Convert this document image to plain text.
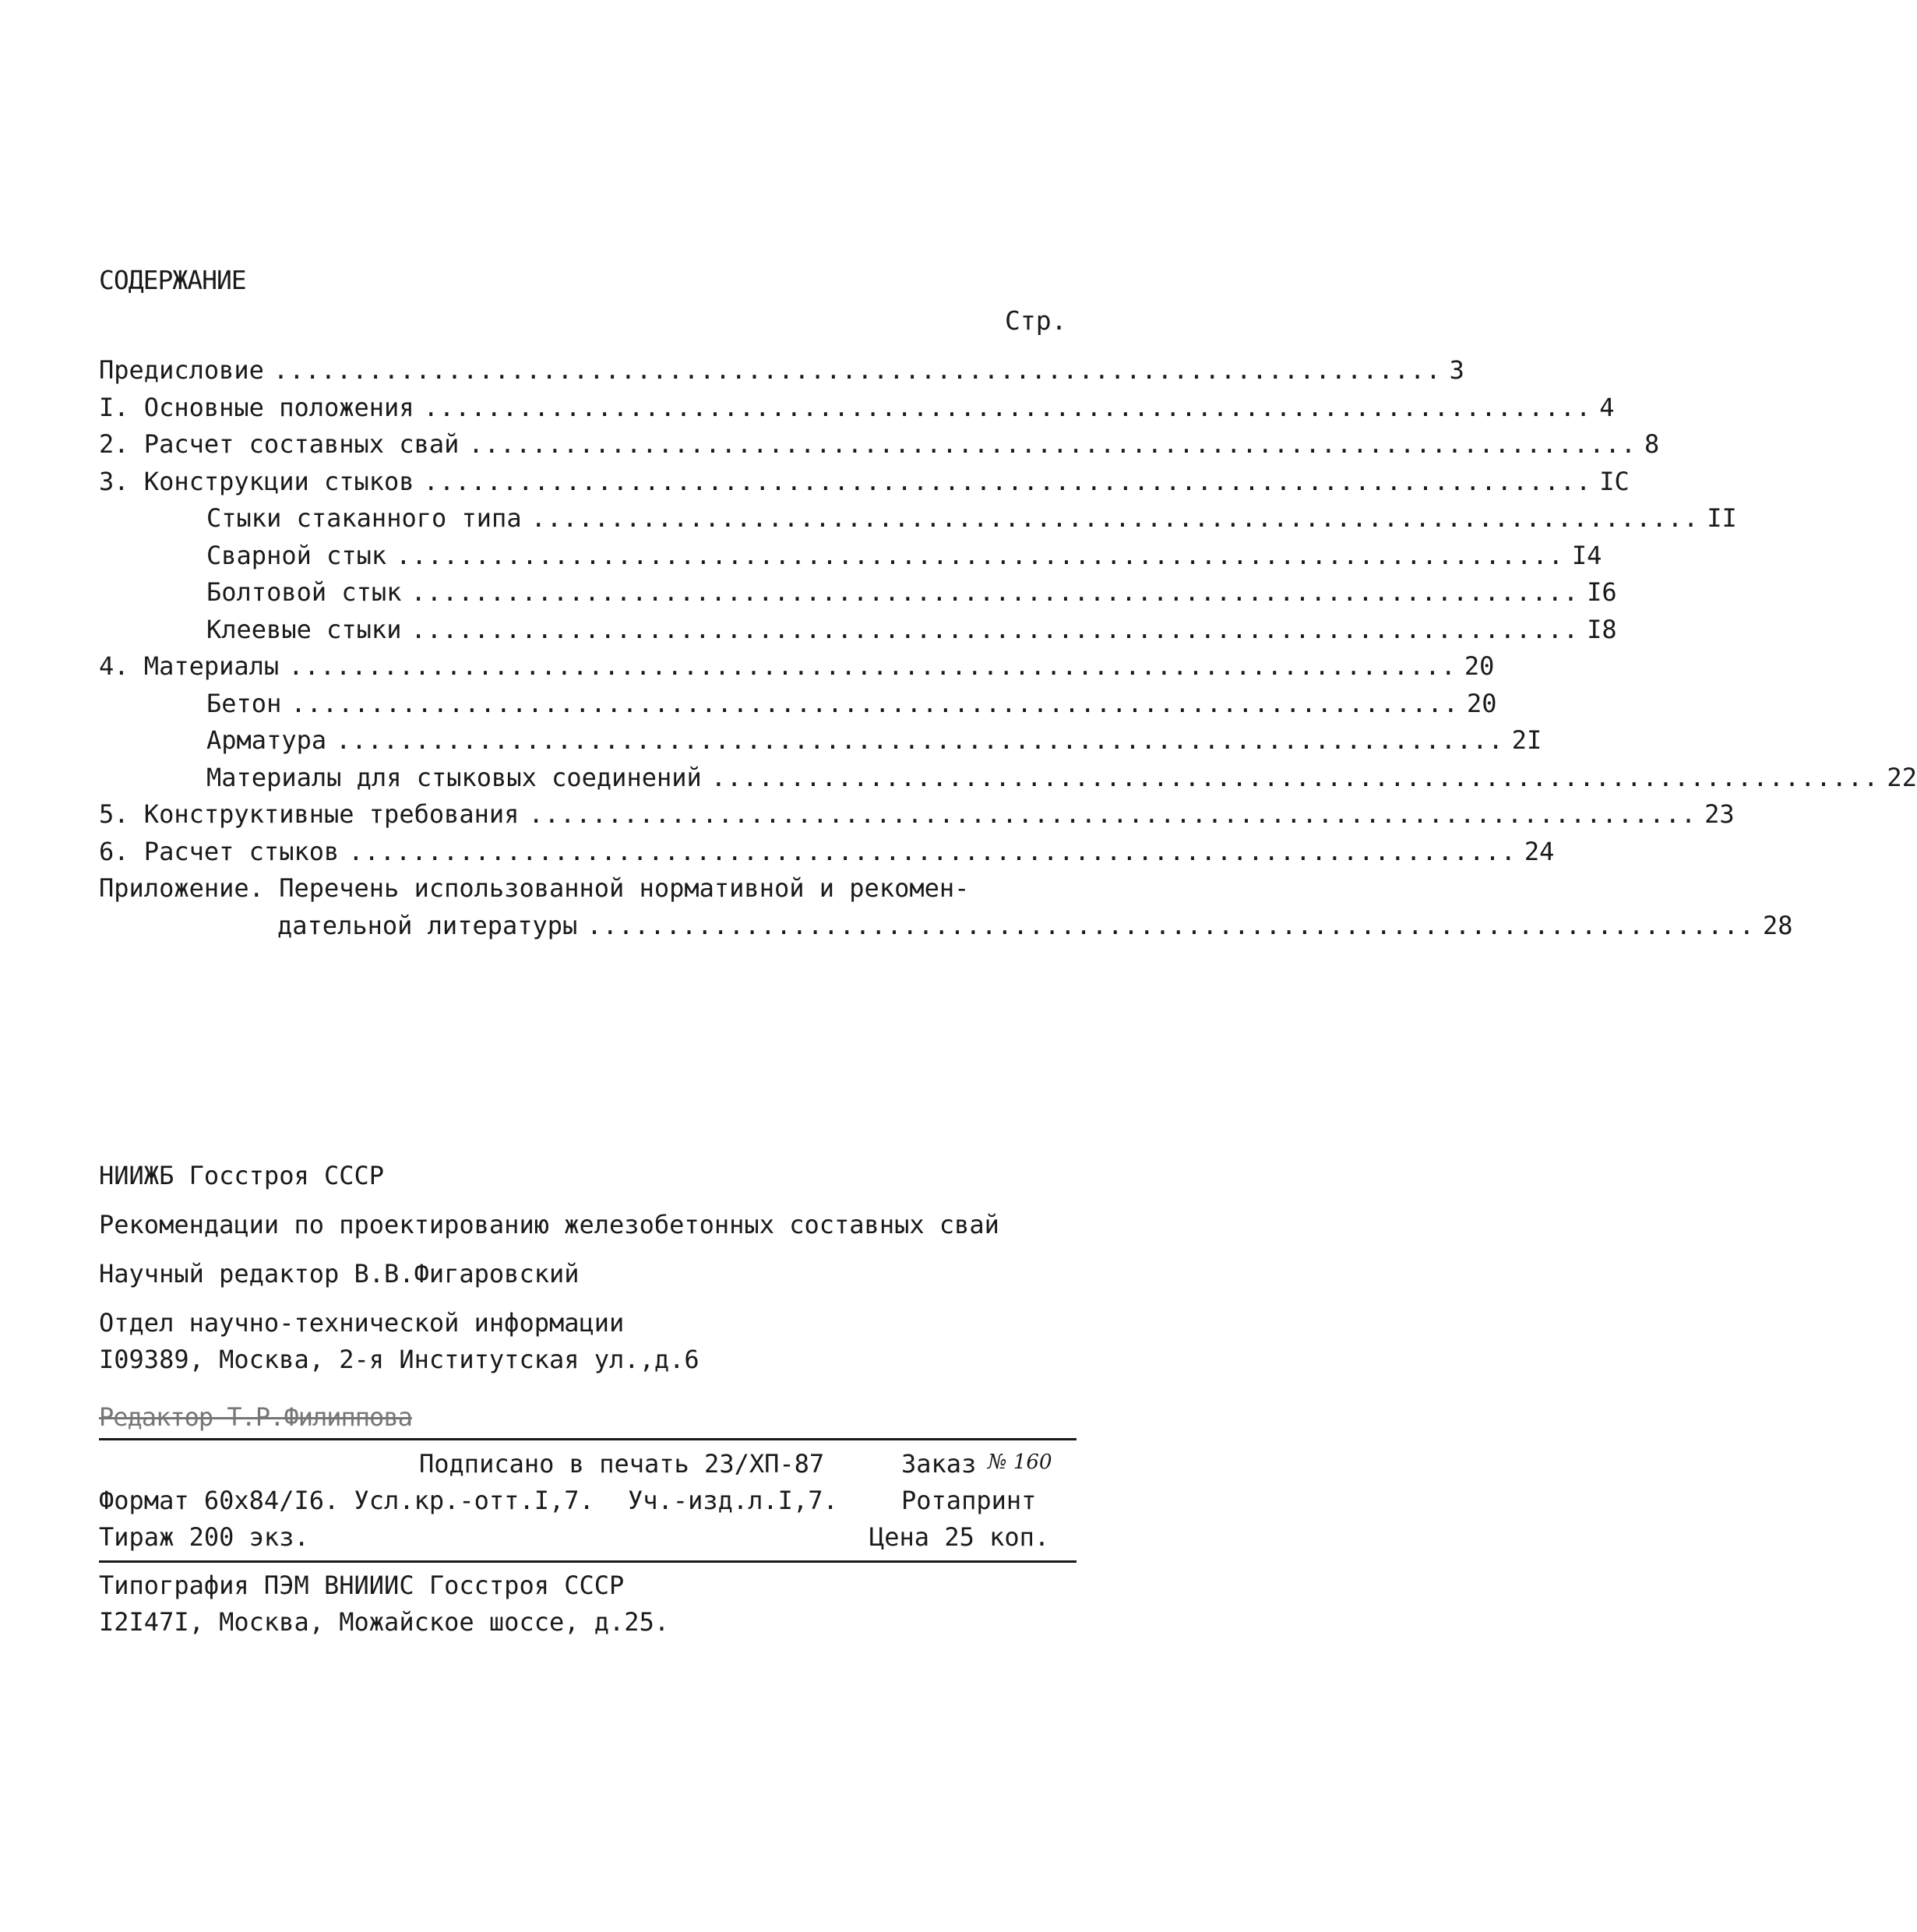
СОДЕРЖАНИЕ
Стр.
Предисловие .......................................................................... 3
I. Основные положения .......................................................................... 4
2. Расчет составных свай .......................................................................... 8
3. Конструкции стыков .......................................................................... IC
Стыки стаканного типа .......................................................................... II
Сварной стык .......................................................................... I4
Болтовой стык .......................................................................... I6
Клеевые стыки .......................................................................... I8
4. Материалы .......................................................................... 20
Бетон .......................................................................... 20
Арматура .......................................................................... 2I
Материалы для стыковых соединений .......................................................................... 22
5. Конструктивные требования .......................................................................... 23
6. Расчет стыков .......................................................................... 24
Приложение. Перечень использованной нормативной и рекомен-
дательной литературы .......................................................................... 28
НИИЖБ Госстроя СССР
Рекомендации по проектированию железобетонных составных свай
Научный редактор В.В.Фигаровский
Отдел научно-технической информации
I09389, Москва, 2-я Институтская ул.,д.6
Редактор Т.Р.Филиппова
Подписано в печать 23/XП-87	Заказ № 160
Формат 60х84/I6. Усл.кр.-отт.I,7. Уч.-изд.л.I,7.	Ротапринт
Тираж 200 экз.	Цена 25 коп.
Типография ПЭМ ВНИИИС Госстроя СССР
I2I47I, Москва, Можайское шоссе, д.25.
